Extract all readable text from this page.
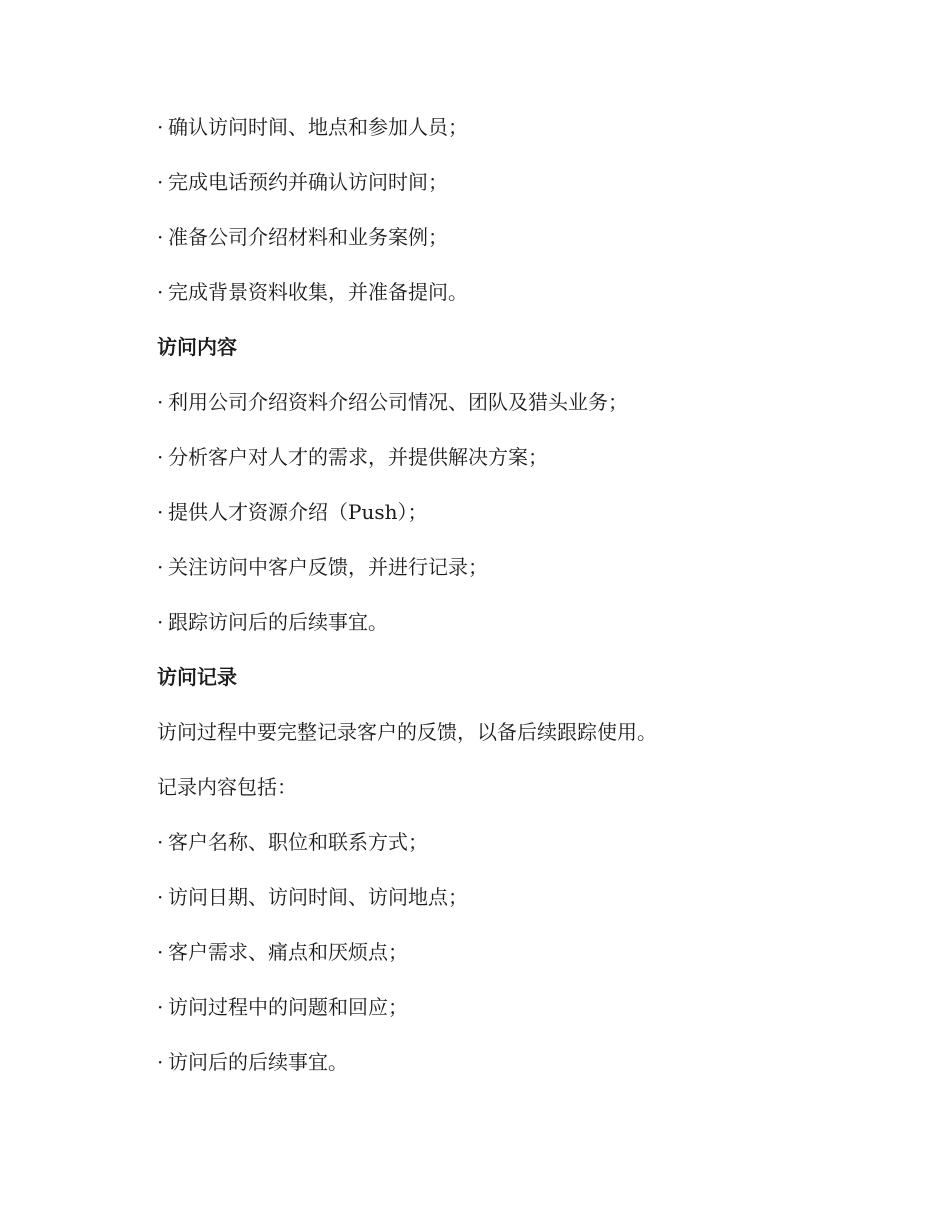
· 确认访问时间、地点和参加人员；
· 完成电话预约并确认访问时间；
· 准备公司介绍材料和业务案例；
· 完成背景资料收集，并准备提问。
访问内容
· 利用公司介绍资料介绍公司情况、团队及猎头业务；
· 分析客户对人才的需求，并提供解决方案；
· 提供人才资源介绍（Push）；
· 关注访问中客户反馈，并进行记录；
· 跟踪访问后的后续事宜。
访问记录
访问过程中要完整记录客户的反馈，以备后续跟踪使用。
记录内容包括：
· 客户名称、职位和联系方式；
· 访问日期、访问时间、访问地点；
· 客户需求、痛点和厌烦点；
· 访问过程中的问题和回应；
· 访问后的后续事宜。
